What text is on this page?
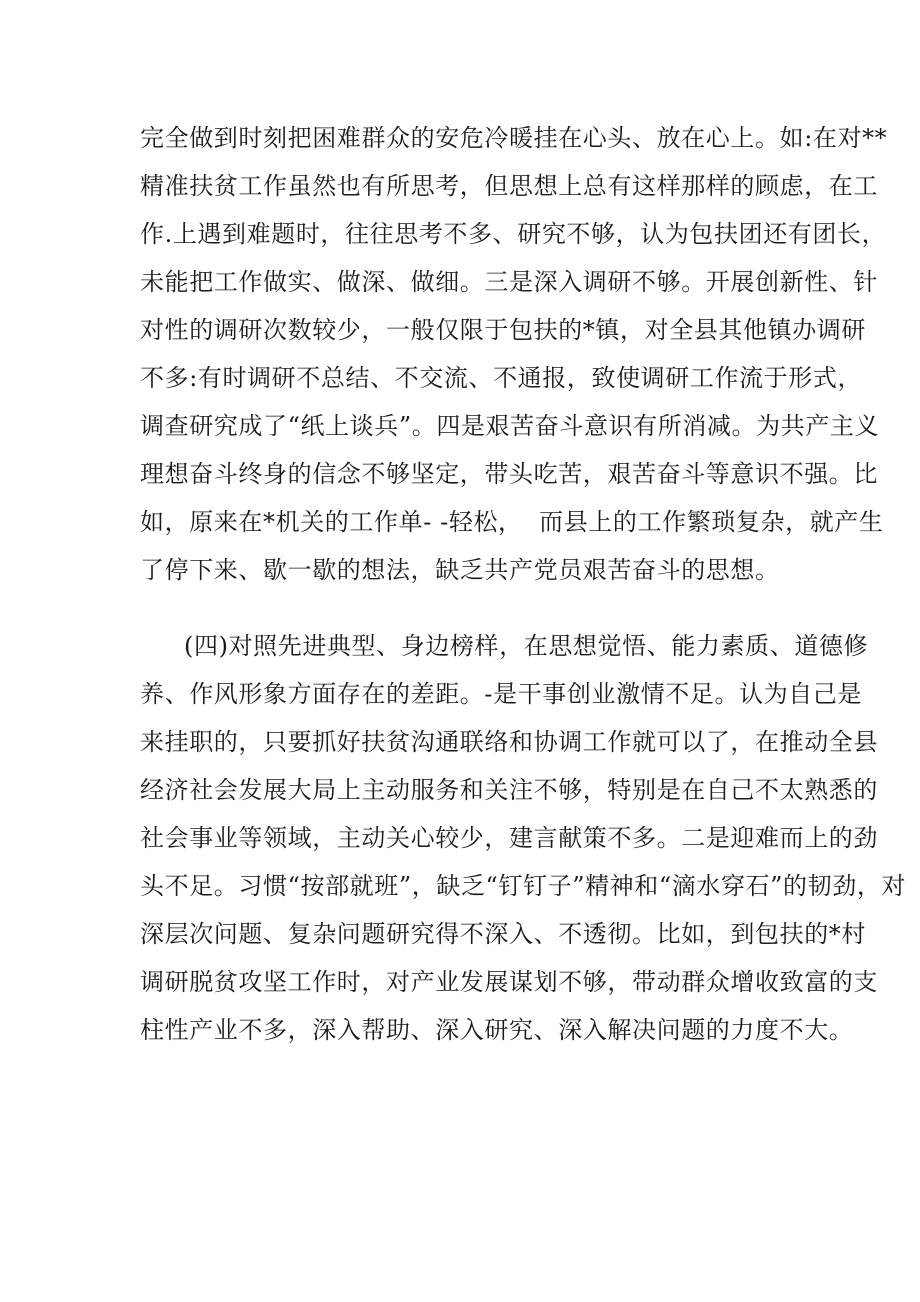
完全做到时刻把困难群众的安危冷暖挂在心头、放在心上。如:在对**
精准扶贫工作虽然也有所思考，但思想上总有这样那样的顾虑，在工
作.上遇到难题时，往往思考不多、研究不够，认为包扶团还有团长，
未能把工作做实、做深、做细。三是深入调研不够。开展创新性、针
对性的调研次数较少，一般仅限于包扶的*镇，对全县其他镇办调研
不多:有时调研不总结、不交流、不通报，致使调研工作流于形式，
调查研究成了“纸上谈兵”。四是艰苦奋斗意识有所消减。为共产主义
理想奋斗终身的信念不够坚定，带头吃苦，艰苦奋斗等意识不强。比
如，原来在*机关的工作单- -轻松，  而县上的工作繁琐复杂，就产生
了停下来、歇一歇的想法，缺乏共产党员艰苦奋斗的思想。
(四)对照先进典型、身边榜样，在思想觉悟、能力素质、道德修
养、作风形象方面存在的差距。-是干事创业激情不足。认为自己是
来挂职的，只要抓好扶贫沟通联络和协调工作就可以了，在推动全县
经济社会发展大局上主动服务和关注不够，特别是在自己不太熟悉的
社会事业等领域，主动关心较少，建言献策不多。二是迎难而上的劲
头不足。习惯“按部就班”，缺乏“钉钉子”精神和“滴水穿石”的韧劲，对
深层次问题、复杂问题研究得不深入、不透彻。比如，到包扶的*村
调研脱贫攻坚工作时，对产业发展谋划不够，带动群众增收致富的支
柱性产业不多，深入帮助、深入研究、深入解决问题的力度不大。
